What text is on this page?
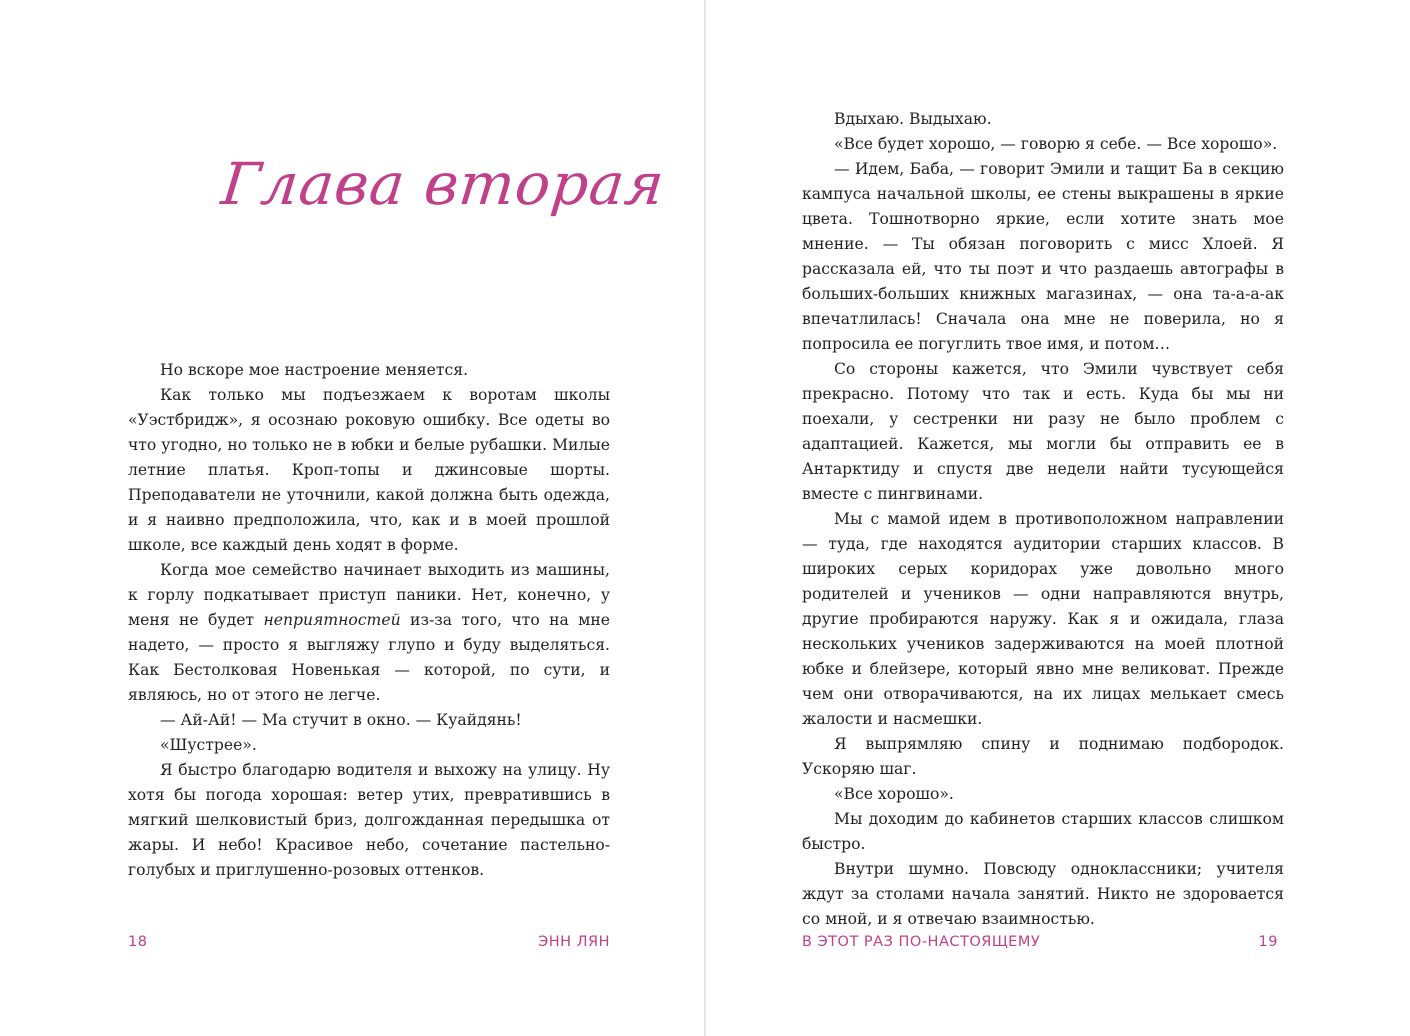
Глава вторая

Но вскоре мое настроение меняется.

Как только мы подъезжаем к воротам школы «Уэстбридж», я осознаю роковую ошибку. Все одеты во что угодно, но только не в юбки и белые рубашки. Милые летние платья. Кроп-топы и джинсовые шорты. Преподаватели не уточнили, какой должна быть одежда, и я наивно предположила, что, как и в моей прошлой школе, все каждый день ходят в форме.

Когда мое семейство начинает выходить из машины, к горлу подкатывает приступ паники. Нет, конечно, у меня не будет неприятностей из-за того, что на мне надето, — просто я выгляжу глупо и буду выделяться. Как Бестолковая Новенькая — которой, по сути, и являюсь, но от этого не легче.

— Ай-Ай! — Ма стучит в окно. — Куайдянь!

«Шустрее».

Я быстро благодарю водителя и выхожу на улицу. Ну хотя бы погода хорошая: ветер утих, превратившись в мягкий шелковистый бриз, долгожданная передышка от жары. И небо! Красивое небо, сочетание пастельно-голубых и приглушенно-розовых оттенков.

18	ЭНН ЛЯН

Вдыхаю. Выдыхаю.

«Все будет хорошо, — говорю я себе. — Все хорошо».

— Идем, Баба, — говорит Эмили и тащит Ба в секцию кампуса начальной школы, ее стены выкрашены в яркие цвета. Тошнотворно яркие, если хотите знать мое мнение. — Ты обязан поговорить с мисс Хлоей. Я рассказала ей, что ты поэт и что раздаешь автографы в больших-больших книжных магазинах, — она та-а-а-ак впечатлилась! Сначала она мне не поверила, но я попросила ее погуглить твое имя, и потом…

Со стороны кажется, что Эмили чувствует себя прекрасно. Потому что так и есть. Куда бы мы ни поехали, у сестренки ни разу не было проблем с адаптацией. Кажется, мы могли бы отправить ее в Антарктиду и спустя две недели найти тусующейся вместе с пингвинами.

Мы с мамой идем в противоположном направлении — туда, где находятся аудитории старших классов. В широких серых коридорах уже довольно много родителей и учеников — одни направляются внутрь, другие пробираются наружу. Как я и ожидала, глаза нескольких учеников задерживаются на моей плотной юбке и блейзере, который явно мне великоват. Прежде чем они отворачиваются, на их лицах мелькает смесь жалости и насмешки.

Я выпрямляю спину и поднимаю подбородок. Ускоряю шаг.

«Все хорошо».

Мы доходим до кабинетов старших классов слишком быстро.

Внутри шумно. Повсюду одноклассники; учителя ждут за столами начала занятий. Никто не здоровается со мной, и я отвечаю взаимностью.

В ЭТОТ РАЗ ПО-НАСТОЯЩЕМУ	19
